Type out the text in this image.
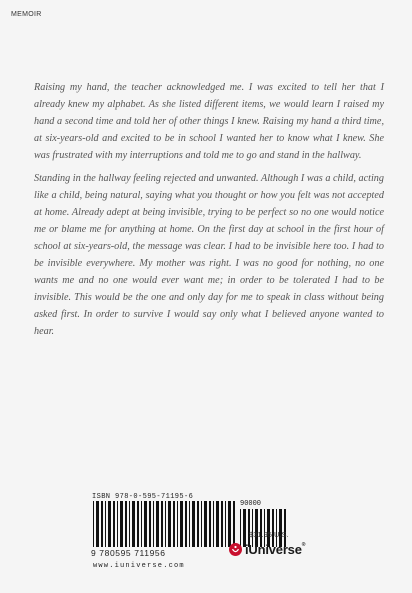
MEMOIR

Raising my hand, the teacher acknowledged me. I was excited to tell her that I already knew my alphabet. As she listed different items, we would learn I raised my hand a second time and told her of other things I knew. Raising my hand a third time, at six-years-old and excited to be in school I wanted her to know what I knew. She was frustrated with my interruptions and told me to go and stand in the hallway.

Standing in the hallway feeling rejected and unwanted. Although I was a child, acting like a child, being natural, saying what you thought or how you felt was not accepted at home. Already adept at being invisible, trying to be perfect so no one would notice me or blame me for anything at home. On the first day at school in the first hour of school at six-years-old, the message was clear. I had to be invisible here too. I had to be invisible everywhere. My mother was right. I was no good for nothing, no one wants me and no one would ever want me; in order to be tolerated I had to be invisible. This would be the one and only day for me to speak in class without being asked first. In order to survive I would say only what I believed anyone wanted to hear.

ISBN 978-0-595-71195-6
90000
9 780595 711956
www.iuniverse.com
$31.95 U.S.
iUniverse®
